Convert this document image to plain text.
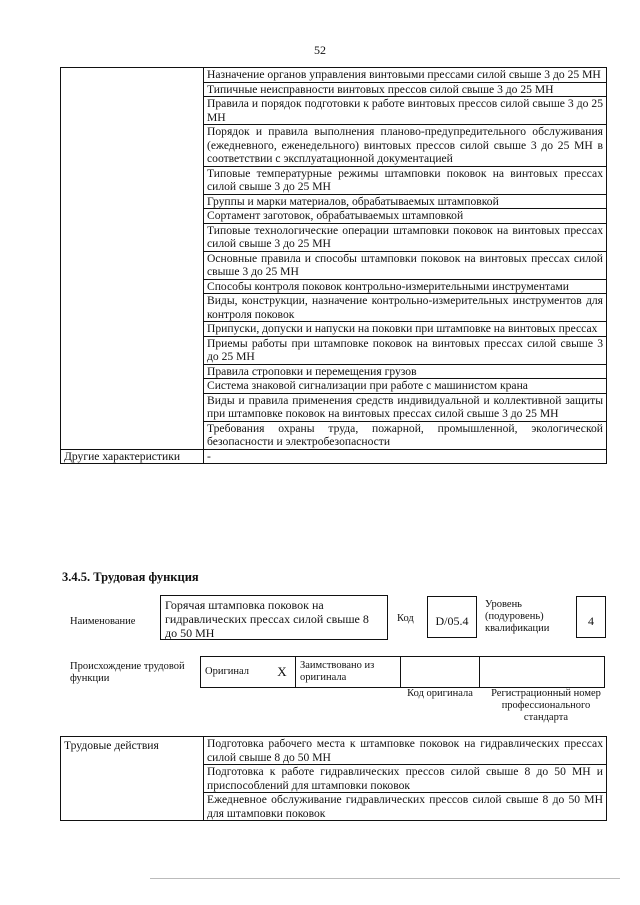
52
	Назначение органов управления винтовыми прессами силой свыше 3 до 25 МН
	Типичные неисправности винтовых прессов силой свыше 3 до 25 МН
	Правила и порядок подготовки к работе винтовых прессов силой свыше 3 до 25 МН
	Порядок и правила выполнения планово-предупредительного обслуживания (ежедневного, еженедельного) винтовых прессов силой свыше 3 до 25 МН в соответствии с эксплуатационной документацией
	Типовые температурные режимы штамповки поковок на винтовых прессах силой свыше 3 до 25 МН
	Группы и марки материалов, обрабатываемых штамповкой
	Сортамент заготовок, обрабатываемых штамповкой
	Типовые технологические операции штамповки поковок на винтовых прессах силой свыше 3 до 25 МН
	Основные правила и способы штамповки поковок на винтовых прессах силой свыше 3 до 25 МН
	Способы контроля поковок контрольно-измерительными инструментами
	Виды, конструкции, назначение контрольно-измерительных инструментов для контроля поковок
	Припуски, допуски и напуски на поковки при штамповке на винтовых прессах
	Приемы работы при штамповке поковок на винтовых прессах силой свыше 3 до 25 МН
	Правила строповки и перемещения грузов
	Система знаковой сигнализации при работе с машинистом крана
	Виды и правила применения средств индивидуальной и коллективной защиты при штамповке поковок на винтовых прессах силой свыше 3 до 25 МН
	Требования охраны труда, пожарной, промышленной, экологической безопасности и электробезопасности
Другие характеристики	-
3.4.5. Трудовая функция
Наименование
Горячая штамповка поковок на гидравлических прессах силой свыше 8 до 50 МН
Код	D/05.4
Уровень (подуровень) квалификации
4
Происхождение трудовой функции
Оригинал	X	Заимствовано из оригинала		
Код оригинала	Регистрационный номер профессионального стандарта
Трудовые действия	Подготовка рабочего места к штамповке поковок на гидравлических прессах силой свыше 8 до 50 МН
Подготовка к работе гидравлических прессов силой свыше 8 до 50 МН и приспособлений для штамповки поковок
Ежедневное обслуживание гидравлических прессов силой свыше 8 до 50 МН для штамповки поковок
